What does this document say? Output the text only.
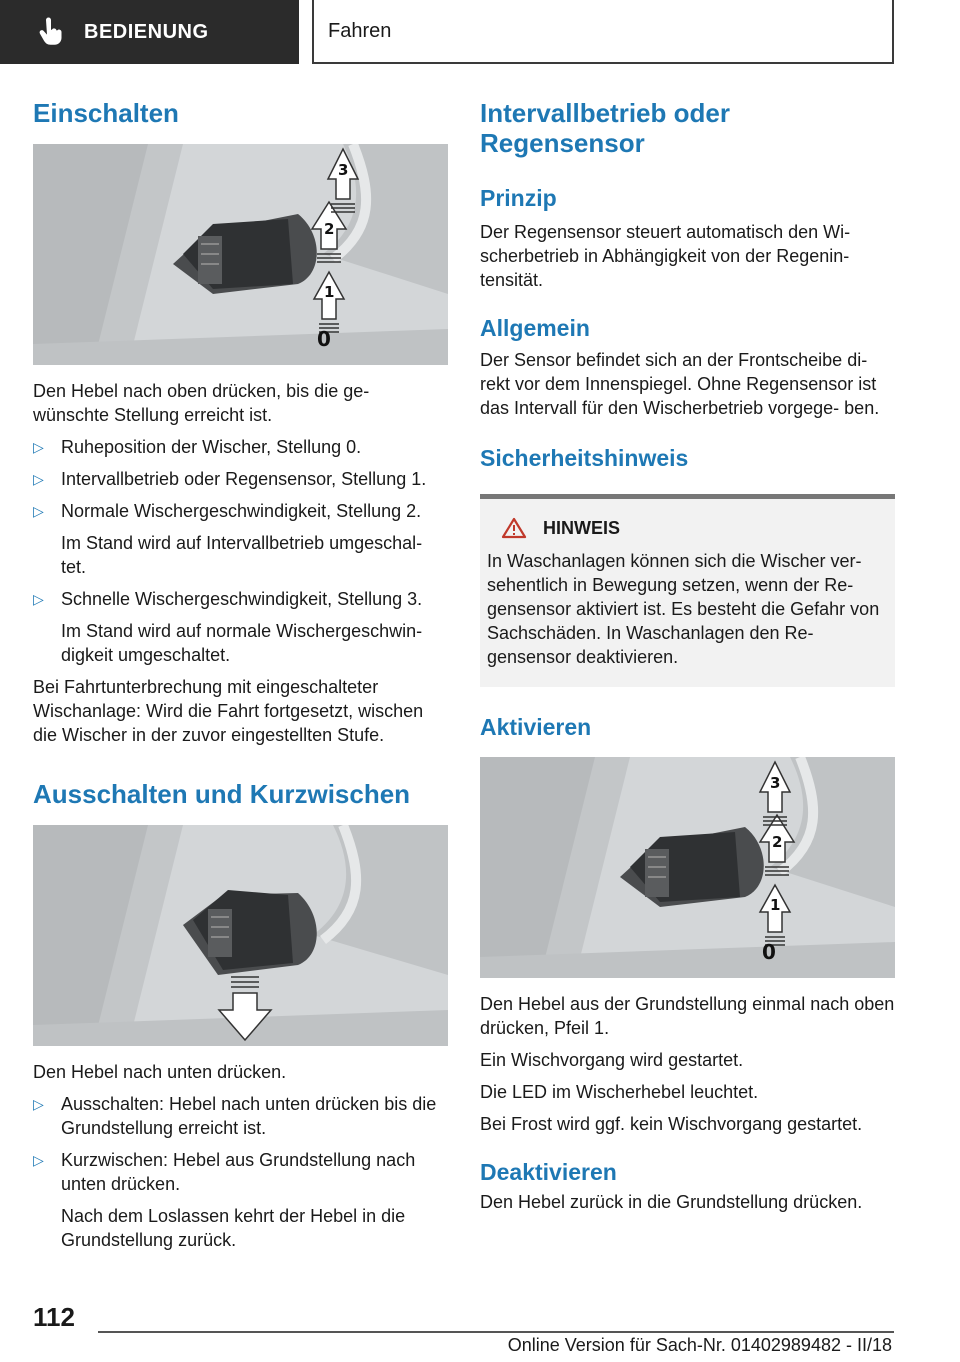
BEDIENUNG	Fahren
Einschalten
3
2
1
0

Den Hebel nach oben drücken, bis die ge‐ wünschte Stellung erreicht ist.

▷ Ruheposition der Wischer, Stellung 0.
▷ Intervallbetrieb oder Regensensor, Stellung 1.
▷ Normale Wischergeschwindigkeit, Stellung 2.
Im Stand wird auf Intervallbetrieb umgeschal‐ tet.
▷ Schnelle Wischergeschwindigkeit, Stellung 3.
Im Stand wird auf normale Wischergeschwin‐ digkeit umgeschaltet.

Bei Fahrtunterbrechung mit eingeschalteter Wischanlage: Wird die Fahrt fortgesetzt, wischen die Wischer in der zuvor eingestellten Stufe.

Ausschalten und Kurzwischen

Den Hebel nach unten drücken.

▷ Ausschalten: Hebel nach unten drücken bis die Grundstellung erreicht ist.
▷ Kurzwischen: Hebel aus Grundstellung nach unten drücken.
Nach dem Loslassen kehrt der Hebel in die Grundstellung zurück.
Intervallbetrieb oder Regensensor
Prinzip

Der Regensensor steuert automatisch den Wi‐ scherbetrieb in Abhängigkeit von der Regenin‐ tensität.

Allgemein

Der Sensor befindet sich an der Frontscheibe di‐ rekt vor dem Innenspiegel. Ohne Regensensor ist das Intervall für den Wischerbetrieb vorgege‐ ben.

Sicherheitshinweis
HINWEIS

In Waschanlagen können sich die Wischer ver‐ sehentlich in Bewegung setzen, wenn der Re‐ gensensor aktiviert ist. Es besteht die Gefahr von Sachschäden. In Waschanlagen den Re‐ gensensor deaktivieren.

Aktivieren
3
2
1
0

Den Hebel aus der Grundstellung einmal nach oben drücken, Pfeil 1.

Ein Wischvorgang wird gestartet.

Die LED im Wischerhebel leuchtet.

Bei Frost wird ggf. kein Wischvorgang gestartet.

Deaktivieren

Den Hebel zurück in die Grundstellung drücken.

112
Online Version für Sach-Nr. 01402989482 - II/18
